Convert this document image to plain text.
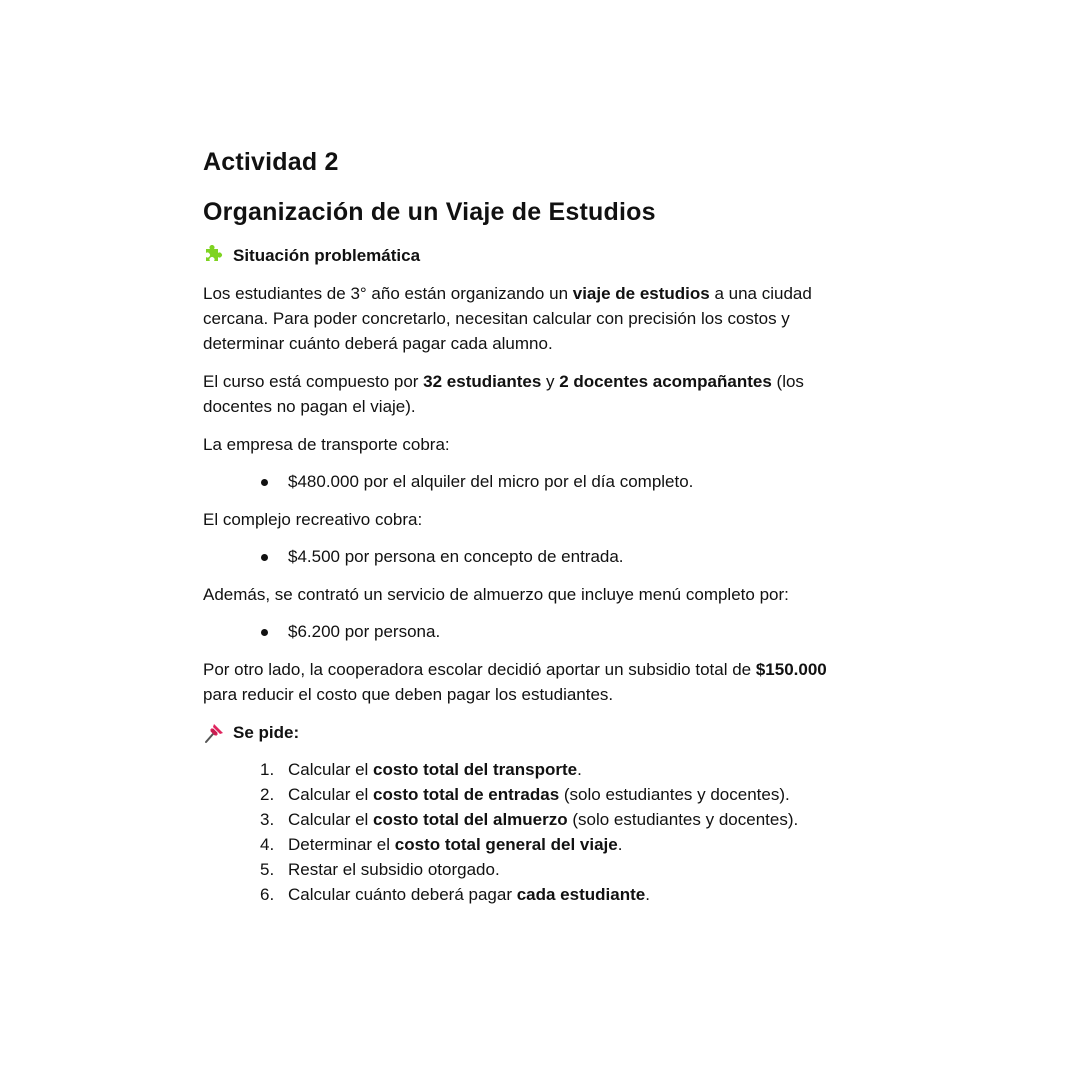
Actividad 2
Organización de un Viaje de Estudios
Situación problemática

Los estudiantes de 3° año están organizando un viaje de estudios a una ciudad cercana. Para poder concretarlo, necesitan calcular con precisión los costos y determinar cuánto deberá pagar cada alumno.

El curso está compuesto por 32 estudiantes y 2 docentes acompañantes (los docentes no pagan el viaje).

La empresa de transporte cobra:

$480.000 por el alquiler del micro por el día completo.

El complejo recreativo cobra:

$4.500 por persona en concepto de entrada.

Además, se contrató un servicio de almuerzo que incluye menú completo por:

$6.200 por persona.

Por otro lado, la cooperadora escolar decidió aportar un subsidio total de $150.000 para reducir el costo que deben pagar los estudiantes.

Se pide:
1. Calcular el costo total del transporte.
2. Calcular el costo total de entradas (solo estudiantes y docentes).
3. Calcular el costo total del almuerzo (solo estudiantes y docentes).
4. Determinar el costo total general del viaje.
5. Restar el subsidio otorgado.
6. Calcular cuánto deberá pagar cada estudiante.
